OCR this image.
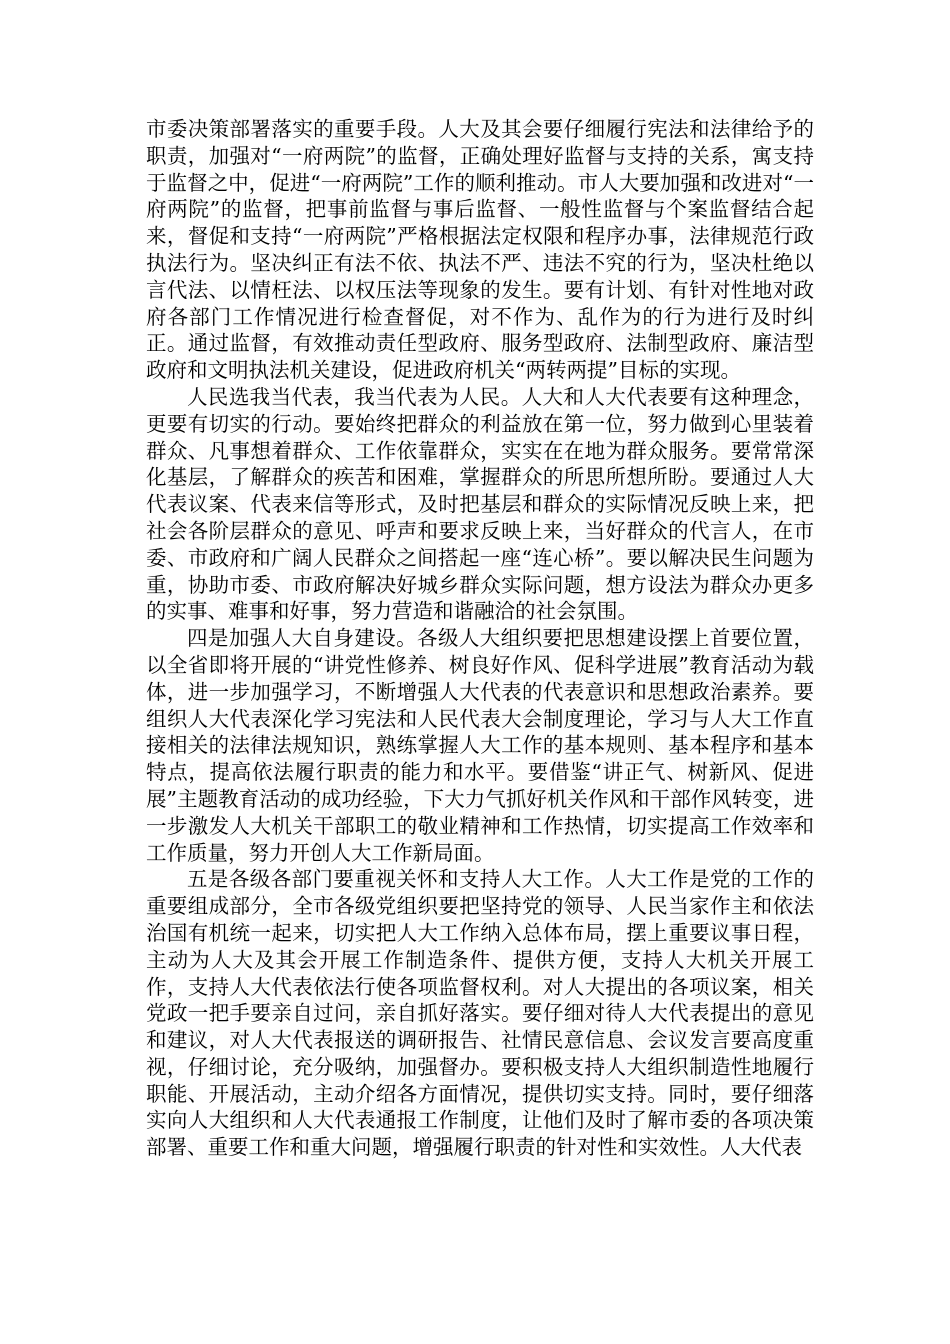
市委决策部署落实的重要手段。人大及其会要仔细履行宪法和法律给予的职责，加强对“一府两院”的监督，正确处理好监督与支持的关系，寓支持于监督之中，促进“一府两院”工作的顺利推动。市人大要加强和改进对“一府两院”的监督，把事前监督与事后监督、一般性监督与个案监督结合起来，督促和支持“一府两院”严格根据法定权限和程序办事，法律规范行政执法行为。坚决纠正有法不依、执法不严、违法不究的行为，坚决杜绝以言代法、以情枉法、以权压法等现象的发生。要有计划、有针对性地对政府各部门工作情况进行检查督促，对不作为、乱作为的行为进行及时纠正。通过监督，有效推动责任型政府、服务型政府、法制型政府、廉洁型政府和文明执法机关建设，促进政府机关“两转两提”目标的实现。

人民选我当代表，我当代表为人民。人大和人大代表要有这种理念，更要有切实的行动。要始终把群众的利益放在第一位，努力做到心里装着群众、凡事想着群众、工作依靠群众，实实在在地为群众服务。要常常深化基层，了解群众的疾苦和困难，掌握群众的所思所想所盼。要通过人大代表议案、代表来信等形式，及时把基层和群众的实际情况反映上来，把社会各阶层群众的意见、呼声和要求反映上来，当好群众的代言人，在市委、市政府和广阔人民群众之间搭起一座“连心桥”。要以解决民生问题为重，协助市委、市政府解决好城乡群众实际问题，想方设法为群众办更多的实事、难事和好事，努力营造和谐融洽的社会氛围。

四是加强人大自身建设。各级人大组织要把思想建设摆上首要位置，以全省即将开展的“讲党性修养、树良好作风、促科学进展”教育活动为载体，进一步加强学习，不断增强人大代表的代表意识和思想政治素养。要组织人大代表深化学习宪法和人民代表大会制度理论，学习与人大工作直接相关的法律法规知识，熟练掌握人大工作的基本规则、基本程序和基本特点，提高依法履行职责的能力和水平。要借鉴“讲正气、树新风、促进展”主题教育活动的成功经验，下大力气抓好机关作风和干部作风转变，进一步激发人大机关干部职工的敬业精神和工作热情，切实提高工作效率和工作质量，努力开创人大工作新局面。

五是各级各部门要重视关怀和支持人大工作。人大工作是党的工作的重要组成部分，全市各级党组织要把坚持党的领导、人民当家作主和依法治国有机统一起来，切实把人大工作纳入总体布局，摆上重要议事日程，主动为人大及其会开展工作制造条件、提供方便，支持人大机关开展工作，支持人大代表依法行使各项监督权利。对人大提出的各项议案，相关党政一把手要亲自过问，亲自抓好落实。要仔细对待人大代表提出的意见和建议，对人大代表报送的调研报告、社情民意信息、会议发言要高度重视，仔细讨论，充分吸纳，加强督办。要积极支持人大组织制造性地履行职能、开展活动，主动介绍各方面情况，提供切实支持。同时，要仔细落实向人大组织和人大代表通报工作制度，让他们及时了解市委的各项决策部署、重要工作和重大问题，增强履行职责的针对性和实效性。人大代表
